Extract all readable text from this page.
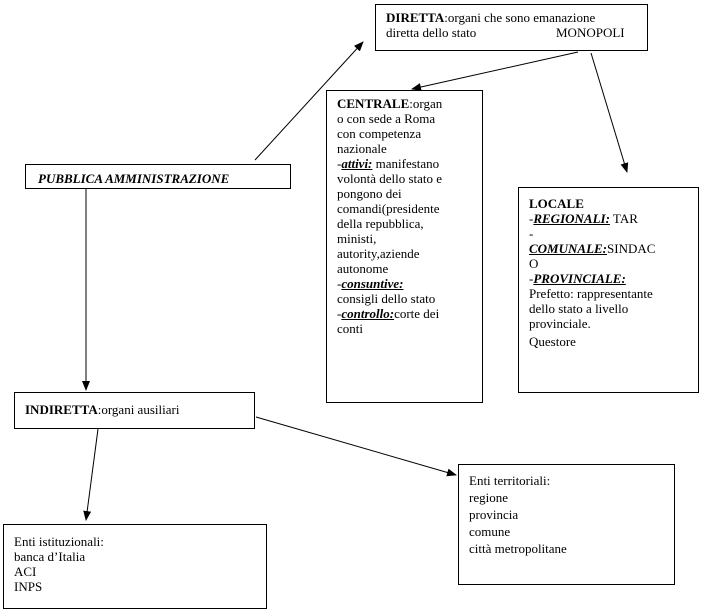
PUBBLICA AMMINISTRAZIONE
DIRETTA:organi che sono emanazione
diretta dello stato	MONOPOLI
CENTRALE:organ
o con sede a Roma
con competenza
nazionale
-attivi: manifestano
volontà dello stato e
pongono dei
comandi(presidente
della repubblica,
ministi,
autority,aziende
autonome
-consuntive:
consigli dello stato
-controllo:corte dei
conti
LOCALE
-REGIONALI: TAR
-
COMUNALE:SINDAC
O
-PROVINCIALE:
Prefetto: rappresentante
dello stato a livello
provinciale.
Questore
INDIRETTA:organi ausiliari
Enti istituzionali:
banca d’Italia
ACI
INPS
Enti territoriali:
regione
provincia
comune
città metropolitane
